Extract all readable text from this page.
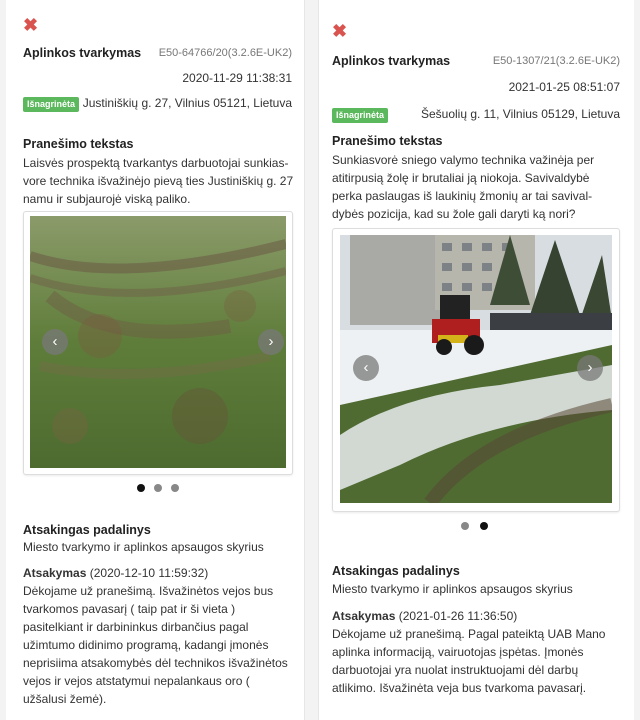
✖
Aplinkos tvarkymas E50-64766/20(3.2.6E-UK2)
2020-11-29 11:38:31
Išnagrinėta Justiniškių g. 27, Vilnius 05121, Lietuva
Pranešimo tekstas
Laisvės prospektą tvarkantys darbuotojai sunkias-
vore technika išvažinėjo pievą ties Justiniškių g. 27
namu ir subjaurojė viską paliko.
‹	›
Atsakingas padalinys
Miesto tvarkymo ir aplinkos apsaugos skyrius
Atsakymas (2020-12-10 11:59:32)
Dėkojame už pranešimą. Išvažinėtos vejos bus
tvarkomos pavasarį ( taip pat ir ši vieta )
pasitelkiant ir darbininkus dirbančius pagal
užimtumo didinimo programą, kadangi įmonės
neprisiima atsakomybės dėl technikos išvažinėtos
vejos ir vejos atstatymui nepalankaus oro (
užšalusi žemė).
✖
Aplinkos tvarkymas	E50-1307/21(3.2.6E-UK2)
2021-01-25 08:51:07
Išnagrinėta	Šešuolių g. 11, Vilnius 05129, Lietuva
Pranešimo tekstas
Sunkiasvorė sniego valymo technika važinėja per
atitirpusią žolę ir brutaliai ją niokoja. Savivaldybė
perka paslaugas iš laukinių žmonių ar tai savival-
dybės pozicija, kad su žole gali daryti ką nori?
‹	›
Atsakingas padalinys
Miesto tvarkymo ir aplinkos apsaugos skyrius
Atsakymas (2021-01-26 11:36:50)
Dėkojame už pranešimą. Pagal pateiktą UAB Mano
aplinka informaciją, vairuotojas įspėtas. Įmonės
darbuotojai yra nuolat instruktuojami dėl darbų
atlikimo. Išvažinėta veja bus tvarkoma pavasarį.
